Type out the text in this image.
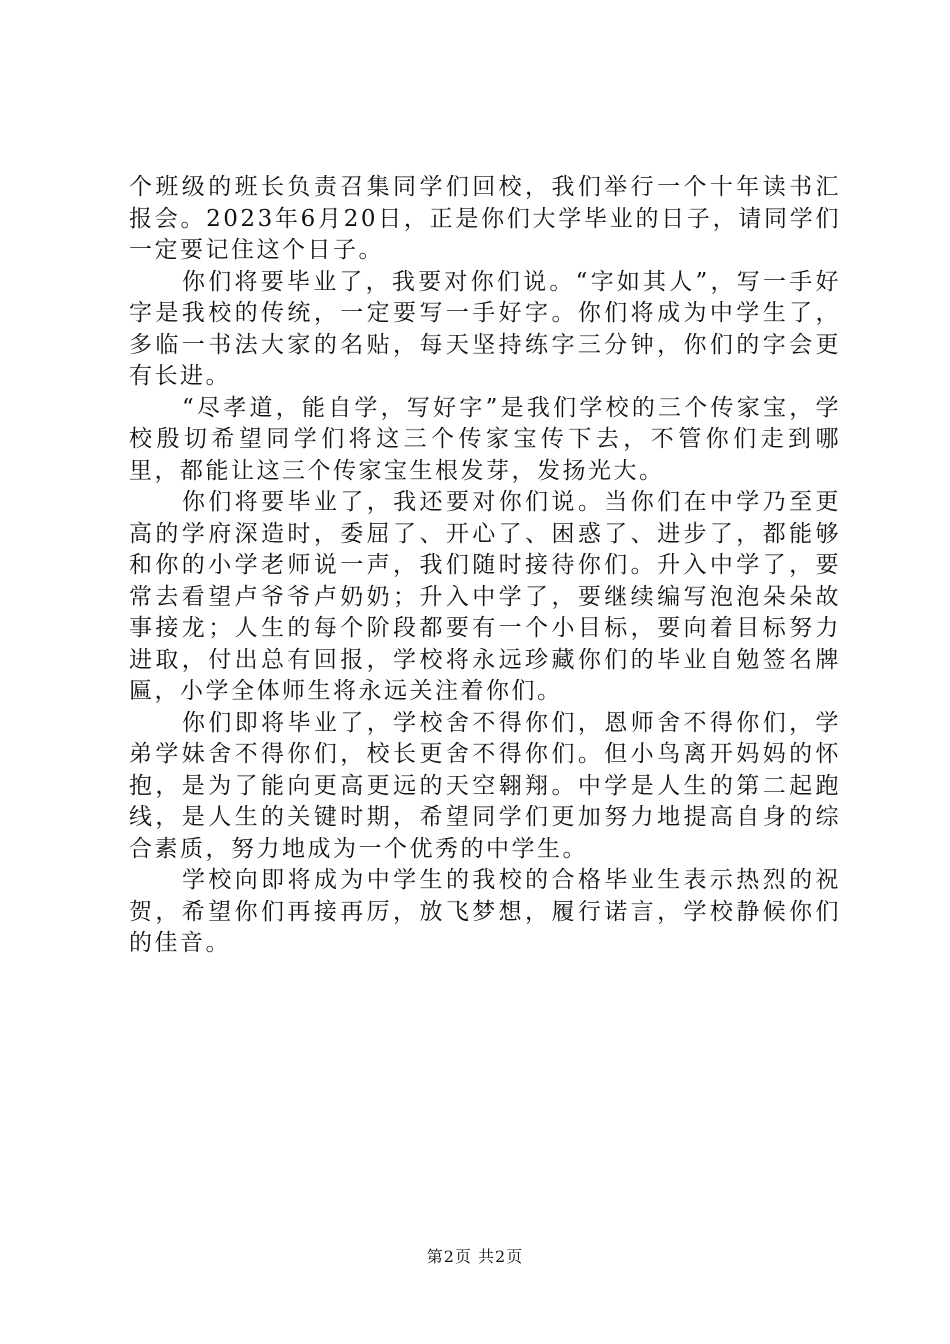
个班级的班长负责召集同学们回校，我们举行一个十年读书汇报会。2023年6月20日，正是你们大学毕业的日子，请同学们一定要记住这个日子。

你们将要毕业了，我要对你们说。“字如其人”，写一手好字是我校的传统，一定要写一手好字。你们将成为中学生了，多临一书法大家的名贴，每天坚持练字三分钟，你们的字会更有长进。

“尽孝道，能自学，写好字”是我们学校的三个传家宝，学校殷切希望同学们将这三个传家宝传下去，不管你们走到哪里，都能让这三个传家宝生根发芽，发扬光大。

你们将要毕业了，我还要对你们说。当你们在中学乃至更高的学府深造时，委屈了、开心了、困惑了、进步了，都能够和你的小学老师说一声，我们随时接待你们。升入中学了，要常去看望卢爷爷卢奶奶；升入中学了，要继续编写泡泡朵朵故事接龙；人生的每个阶段都要有一个小目标，要向着目标努力进取，付出总有回报，学校将永远珍藏你们的毕业自勉签名牌匾，小学全体师生将永远关注着你们。

你们即将毕业了，学校舍不得你们，恩师舍不得你们，学弟学妹舍不得你们，校长更舍不得你们。但小鸟离开妈妈的怀抱，是为了能向更高更远的天空翱翔。中学是人生的第二起跑线，是人生的关键时期，希望同学们更加努力地提高自身的综合素质，努力地成为一个优秀的中学生。

学校向即将成为中学生的我校的合格毕业生表示热烈的祝贺，希望你们再接再厉，放飞梦想，履行诺言，学校静候你们的佳音。

第2页 共2页
